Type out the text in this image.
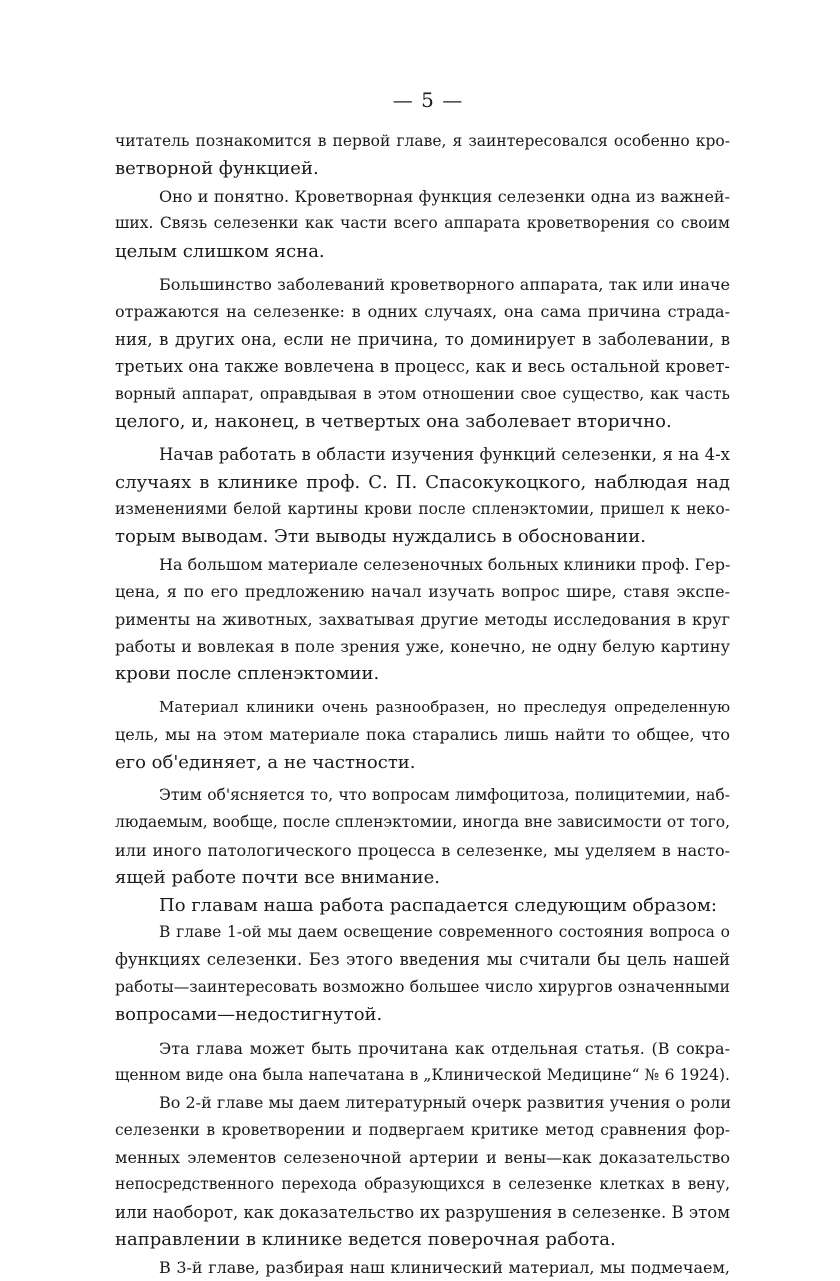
— 5 —
читатель познакомится в первой главе, я заинтересовался особенно кро-
ветворной функцией.
Оно и понятно. Кроветворная функция селезенки одна из важней-
ших. Связь селезенки как части всего аппарата кроветворения со своим
целым слишком ясна.
Большинство заболеваний кроветворного аппарата, так или иначе
отражаются на селезенке: в одних случаях, она сама причина страда-
ния, в других она, если не причина, то доминирует в заболевании, в
третьих она также вовлечена в процесс, как и весь остальной кровет-
ворный аппарат, оправдывая в этом отношении свое существо, как часть
целого, и, наконец, в четвертых она заболевает вторично.
Начав работать в области изучения функций селезенки, я на 4-х
случаях в клинике проф. С. П. Спасокукоцкого, наблюдая над
изменениями белой картины крови после спленэктомии, пришел к неко-
торым выводам. Эти выводы нуждались в обосновании.
На большом материале селезеночных больных клиники проф. Гер-
цена, я по его предложению начал изучать вопрос шире, ставя экспе-
рименты на животных, захватывая другие методы исследования в круг
работы и вовлекая в поле зрения уже, конечно, не одну белую картину
крови после спленэктомии.
Материал клиники очень разнообразен, но преследуя определенную
цель, мы на этом материале пока старались лишь найти то общее, что
его об'единяет, а не частности.
Этим об'ясняется то, что вопросам лимфоцитоза, полицитемии, наб-
людаемым, вообще, после спленэктомии, иногда вне зависимости от того,
или иного патологического процесса в селезенке, мы уделяем в насто-
ящей работе почти все внимание.
По главам наша работа распадается следующим образом:
В главе 1-ой мы даем освещение современного состояния вопроса о
функциях селезенки. Без этого введения мы считали бы цель нашей
работы—заинтересовать возможно большее число хирургов означенными
вопросами—недостигнутой.
Эта глава может быть прочитана как отдельная статья. (В сокра-
щенном виде она была напечатана в „Клинической Медицине“ № 6 1924).
Во 2-й главе мы даем литературный очерк развития учения о роли
селезенки в кроветворении и подвергаем критике метод сравнения фор-
менных элементов селезеночной артерии и вены—как доказательство
непосредственного перехода образующихся в селезенке клетках в вену,
или наоборот, как доказательство их разрушения в селезенке. В этом
направлении в клинике ведется поверочная работа.
В 3-й главе, разбирая наш клинический материал, мы подмечаем,
